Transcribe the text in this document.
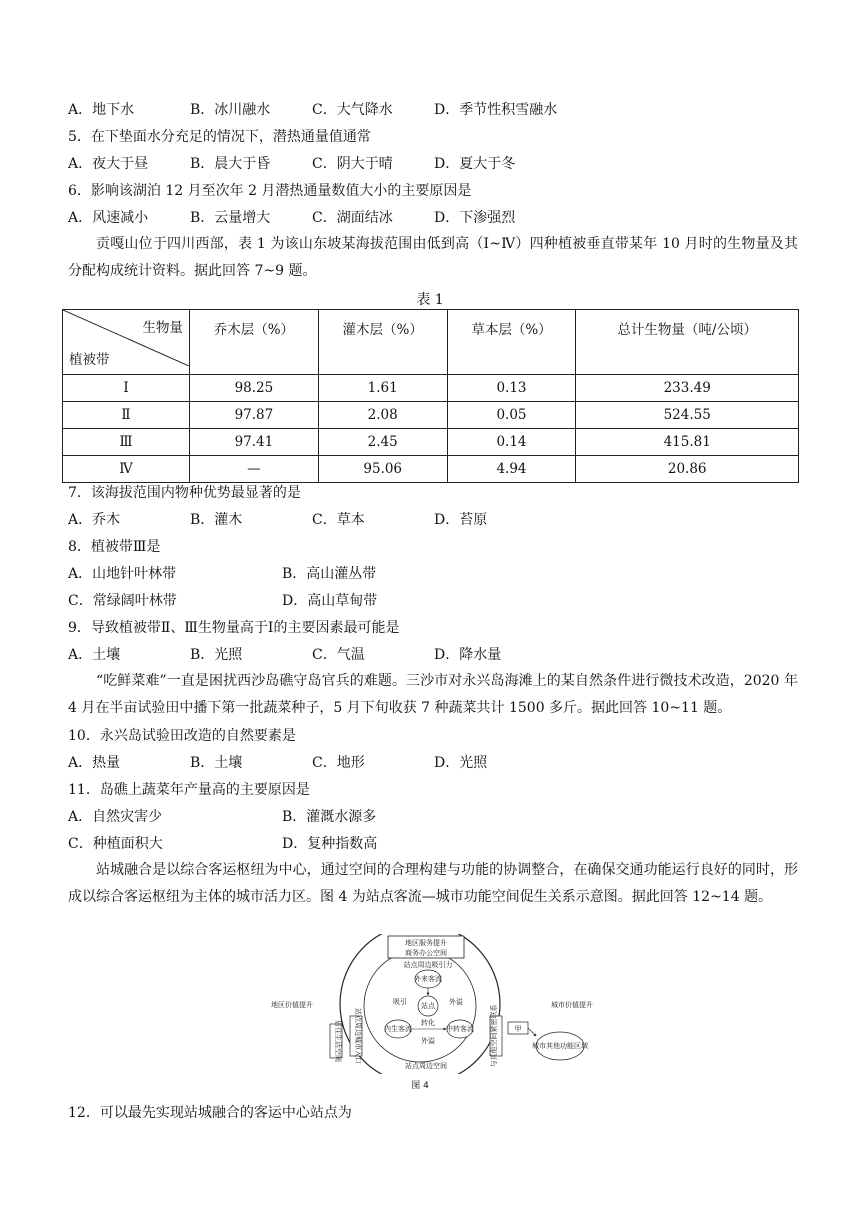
A．地下水	B．冰川融水	C．大气降水	D．季节性积雪融水
5．在下垫面水分充足的情况下，潜热通量值通常
A．夜大于昼	B．晨大于昏	C．阴大于晴	D．夏大于冬
6．影响该湖泊 12 月至次年 2 月潜热通量数值大小的主要原因是
A．风速减小	B．云量增大	C．湖面结冰	D．下渗强烈
贡嘎山位于四川西部，表 1 为该山东坡某海拔范围由低到高（Ⅰ~Ⅳ）四种植被垂直带某年 10 月时的生物量及其分配构成统计资料。据此回答 7~9 题。
表 1
生物量
植被带	乔木层（%）	灌木层（%）	草本层（%）	总计生物量（吨/公顷）
Ⅰ	98.25	1.61	0.13	233.49
Ⅱ	97.87	2.08	0.05	524.55
Ⅲ	97.41	2.45	0.14	415.81
Ⅳ	—	95.06	4.94	20.86
7．该海拔范围内物种优势最显著的是
A．乔木	B．灌木	C．草本	D．苔原
8．植被带Ⅲ是
A．山地针叶林带	B．高山灌丛带
C．常绿阔叶林带	D．高山草甸带
9．导致植被带Ⅱ、Ⅲ生物量高于Ⅰ的主要因素最可能是
A．土壤	B．光照	C．气温	D．降水量
“吃鲜菜难”一直是困扰西沙岛礁守岛官兵的难题。三沙市对永兴岛海滩上的某自然条件进行微技术改造，2020 年 4 月在半亩试验田中播下第一批蔬菜种子，5 月下旬收获 7 种蔬菜共计 1500 多斤。据此回答 10~11 题。
10．永兴岛试验田改造的自然要素是
A．热量	B．土壤	C．地形	D．光照
11．岛礁上蔬菜年产量高的主要原因是
A．自然灾害少	B．灌溉水源多
C．种植面积大	D．复种指数高
站城融合是以综合客运枢纽为中心，通过空间的合理构建与功能的协调整合，在确保交通功能运行良好的同时，形成以综合客运枢纽为主体的城市活力区。图 4 为站点客流—城市功能空间促生关系示意图。据此回答 12~14 题。
地区服务提升
商务办公空间
站点周边吸引力
地区价值提升	城市价值提升
外来客流
站点
内生客流	中转客流
转化
外溢
吸引	外溢
站点周边城市入口	与其他空间紧密联系
居住生活空间	甲
城市其他功能区域
站点周边空间
图 4
12．可以最先实现站城融合的客运中心站点为
